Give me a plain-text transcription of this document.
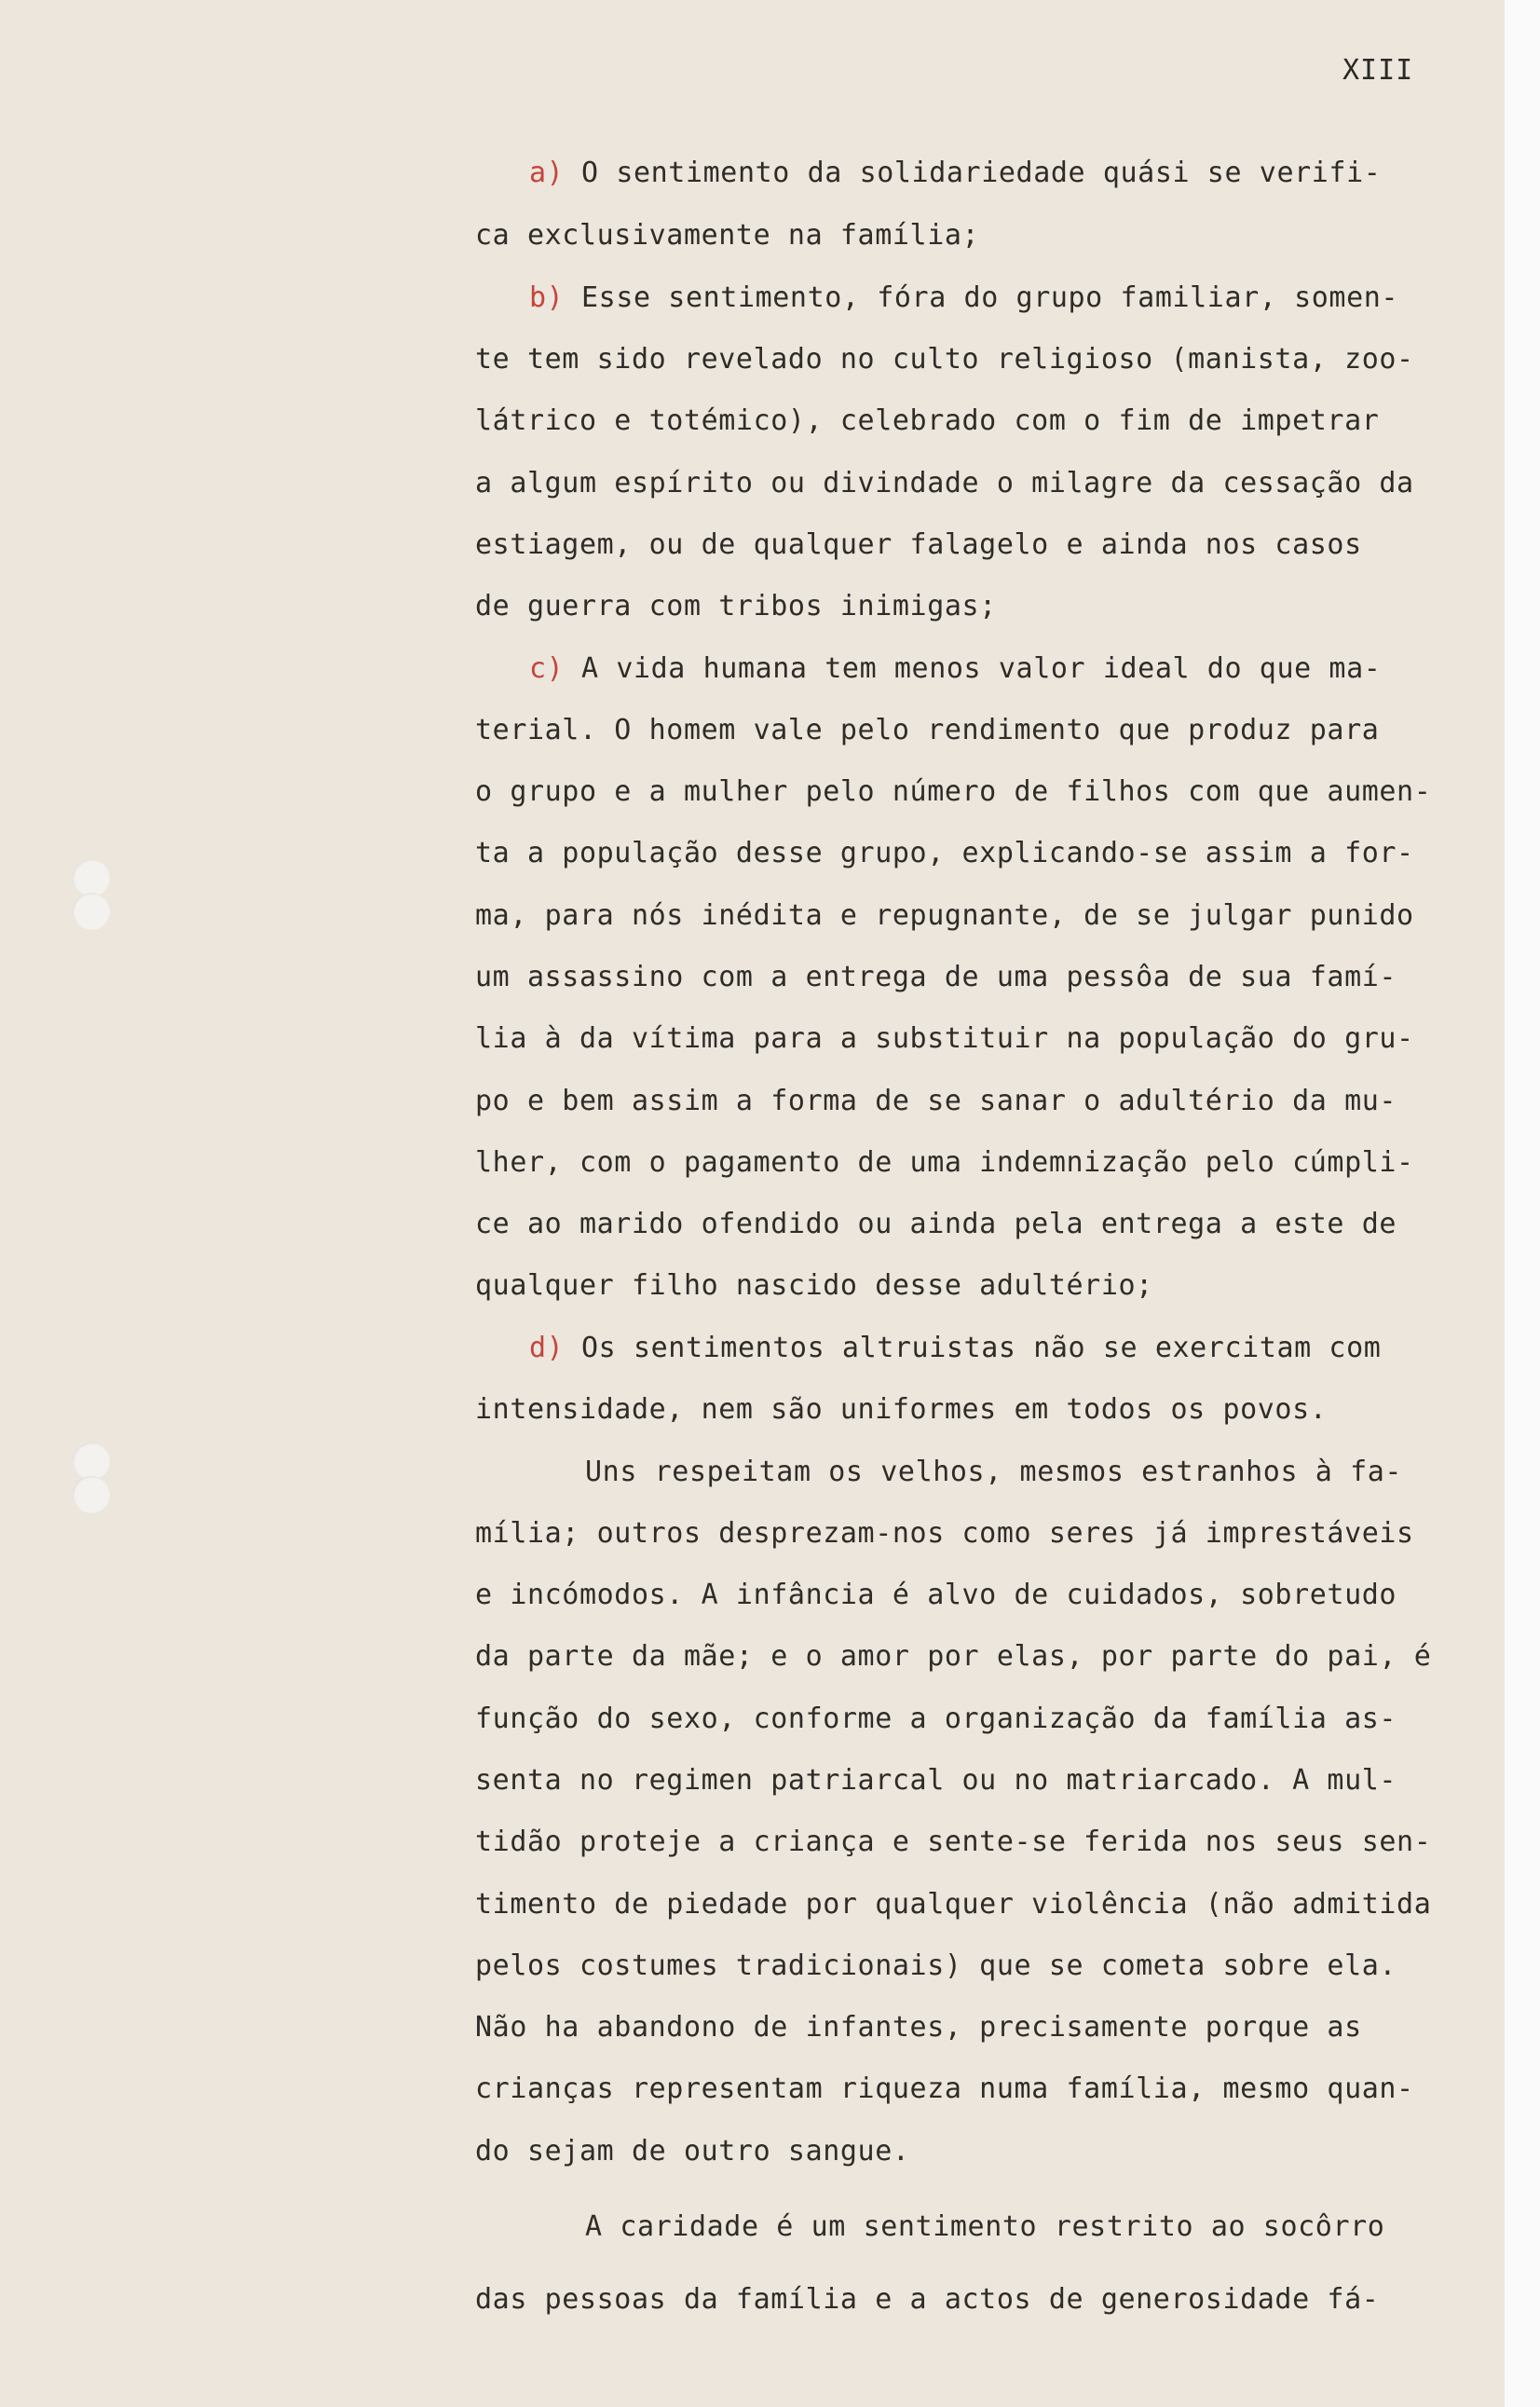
XIII
a) O sentimento da solidariedade quási se verifi-
ca exclusivamente na família;
b) Esse sentimento, fóra do grupo familiar, somen-
te tem sido revelado no culto religioso (manista, zoo-
látrico e totémico), celebrado com o fim de impetrar
a algum espírito ou divindade o milagre da cessação da
estiagem, ou de qualquer falagelo e ainda nos casos
de guerra com tribos inimigas;
c) A vida humana tem menos valor ideal do que ma-
terial. O homem vale pelo rendimento que produz para
o grupo e a mulher pelo número de filhos com que aumen-
ta a população desse grupo, explicando-se assim a for-
ma, para nós inédita e repugnante, de se julgar punido
um assassino com a entrega de uma pessôa de sua famí-
lia à da vítima para a substituir na população do gru-
po e bem assim a forma de se sanar o adultério da mu-
lher, com o pagamento de uma indemnização pelo cúmpli-
ce ao marido ofendido ou ainda pela entrega a este de
qualquer filho nascido desse adultério;
d) Os sentimentos altruistas não se exercitam com
intensidade, nem são uniformes em todos os povos.
Uns respeitam os velhos, mesmos estranhos à fa-
mília; outros desprezam-nos como seres já imprestáveis
e incómodos. A infância é alvo de cuidados, sobretudo
da parte da mãe; e o amor por elas, por parte do pai, é
função do sexo, conforme a organização da família as-
senta no regimen patriarcal ou no matriarcado. A mul-
tidão proteje a criança e sente-se ferida nos seus sen-
timento de piedade por qualquer violência (não admitida
pelos costumes tradicionais) que se cometa sobre ela.
Não ha abandono de infantes, precisamente porque as
crianças representam riqueza numa família, mesmo quan-
do sejam de outro sangue.
A caridade é um sentimento restrito ao socôrro
das pessoas da família e a actos de generosidade fá-
